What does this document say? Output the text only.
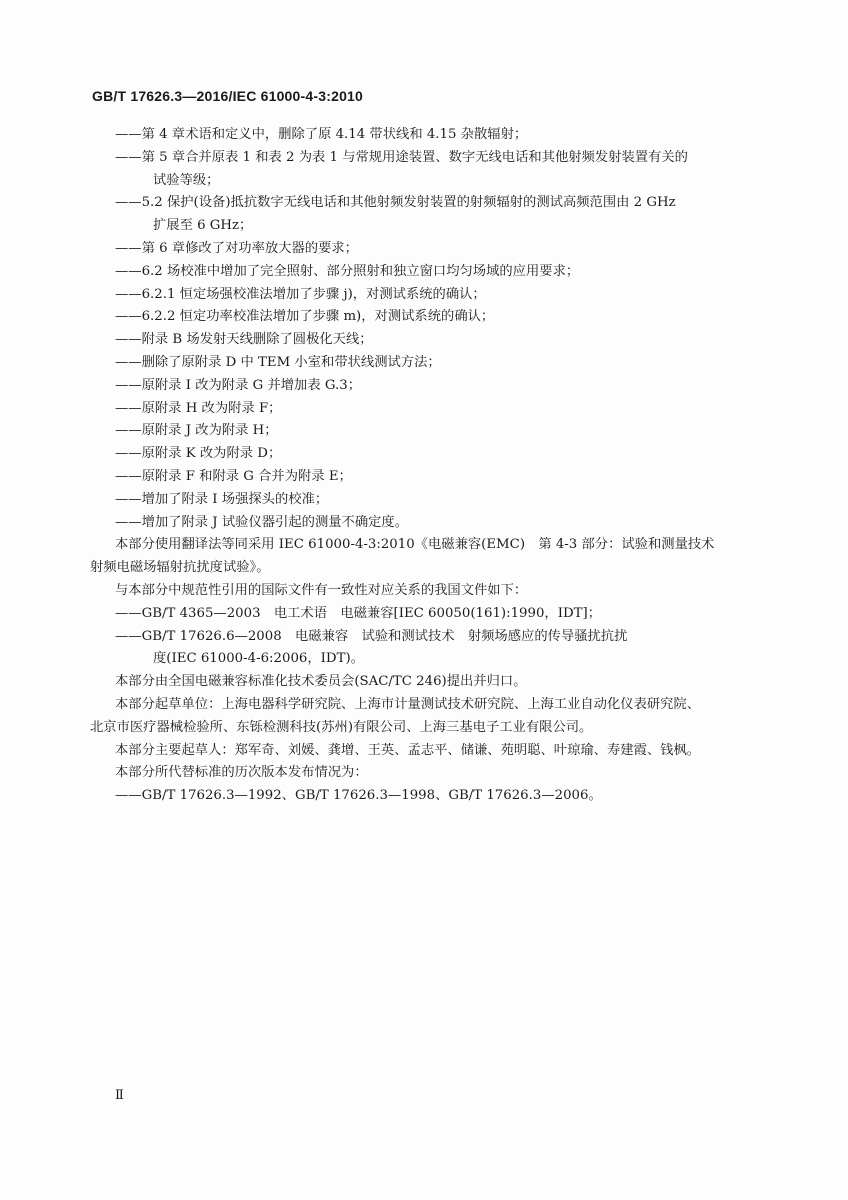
GB/T 17626.3—2016/IEC 61000-4-3:2010
——第 4 章术语和定义中，删除了原 4.14 带状线和 4.15 杂散辐射；
——第 5 章合并原表 1 和表 2 为表 1 与常规用途装置、数字无线电话和其他射频发射装置有关的
试验等级；
——5.2 保护(设备)抵抗数字无线电话和其他射频发射装置的射频辐射的测试高频范围由 2 GHz
扩展至 6 GHz；
——第 6 章修改了对功率放大器的要求；
——6.2 场校准中增加了完全照射、部分照射和独立窗口均匀场域的应用要求；
——6.2.1 恒定场强校准法增加了步骤 j)，对测试系统的确认；
——6.2.2 恒定功率校准法增加了步骤 m)，对测试系统的确认；
——附录 B 场发射天线删除了圆极化天线；
——删除了原附录 D 中 TEM 小室和带状线测试方法；
——原附录 I 改为附录 G 并增加表 G.3；
——原附录 H 改为附录 F；
——原附录 J 改为附录 H；
——原附录 K 改为附录 D；
——原附录 F 和附录 G 合并为附录 E；
——增加了附录 I 场强探头的校准；
——增加了附录 J 试验仪器引起的测量不确定度。
本部分使用翻译法等同采用 IEC 61000-4-3:2010《电磁兼容(EMC)　第 4-3 部分：试验和测量技术
射频电磁场辐射抗扰度试验》。
与本部分中规范性引用的国际文件有一致性对应关系的我国文件如下：
——GB/T 4365—2003　电工术语　电磁兼容[IEC 60050(161):1990，IDT]；
——GB/T 17626.6—2008　电磁兼容　试验和测试技术　射频场感应的传导骚扰抗扰
度(IEC 61000-4-6:2006，IDT)。
本部分由全国电磁兼容标准化技术委员会(SAC/TC 246)提出并归口。
本部分起草单位：上海电器科学研究院、上海市计量测试技术研究院、上海工业自动化仪表研究院、
北京市医疗器械检验所、东铄检测科技(苏州)有限公司、上海三基电子工业有限公司。
本部分主要起草人：郑军奇、刘媛、龚增、王英、孟志平、储谦、苑明聪、叶琼瑜、寿建霞、钱枫。
本部分所代替标准的历次版本发布情况为：
——GB/T 17626.3—1992、GB/T 17626.3—1998、GB/T 17626.3—2006。
Ⅱ
